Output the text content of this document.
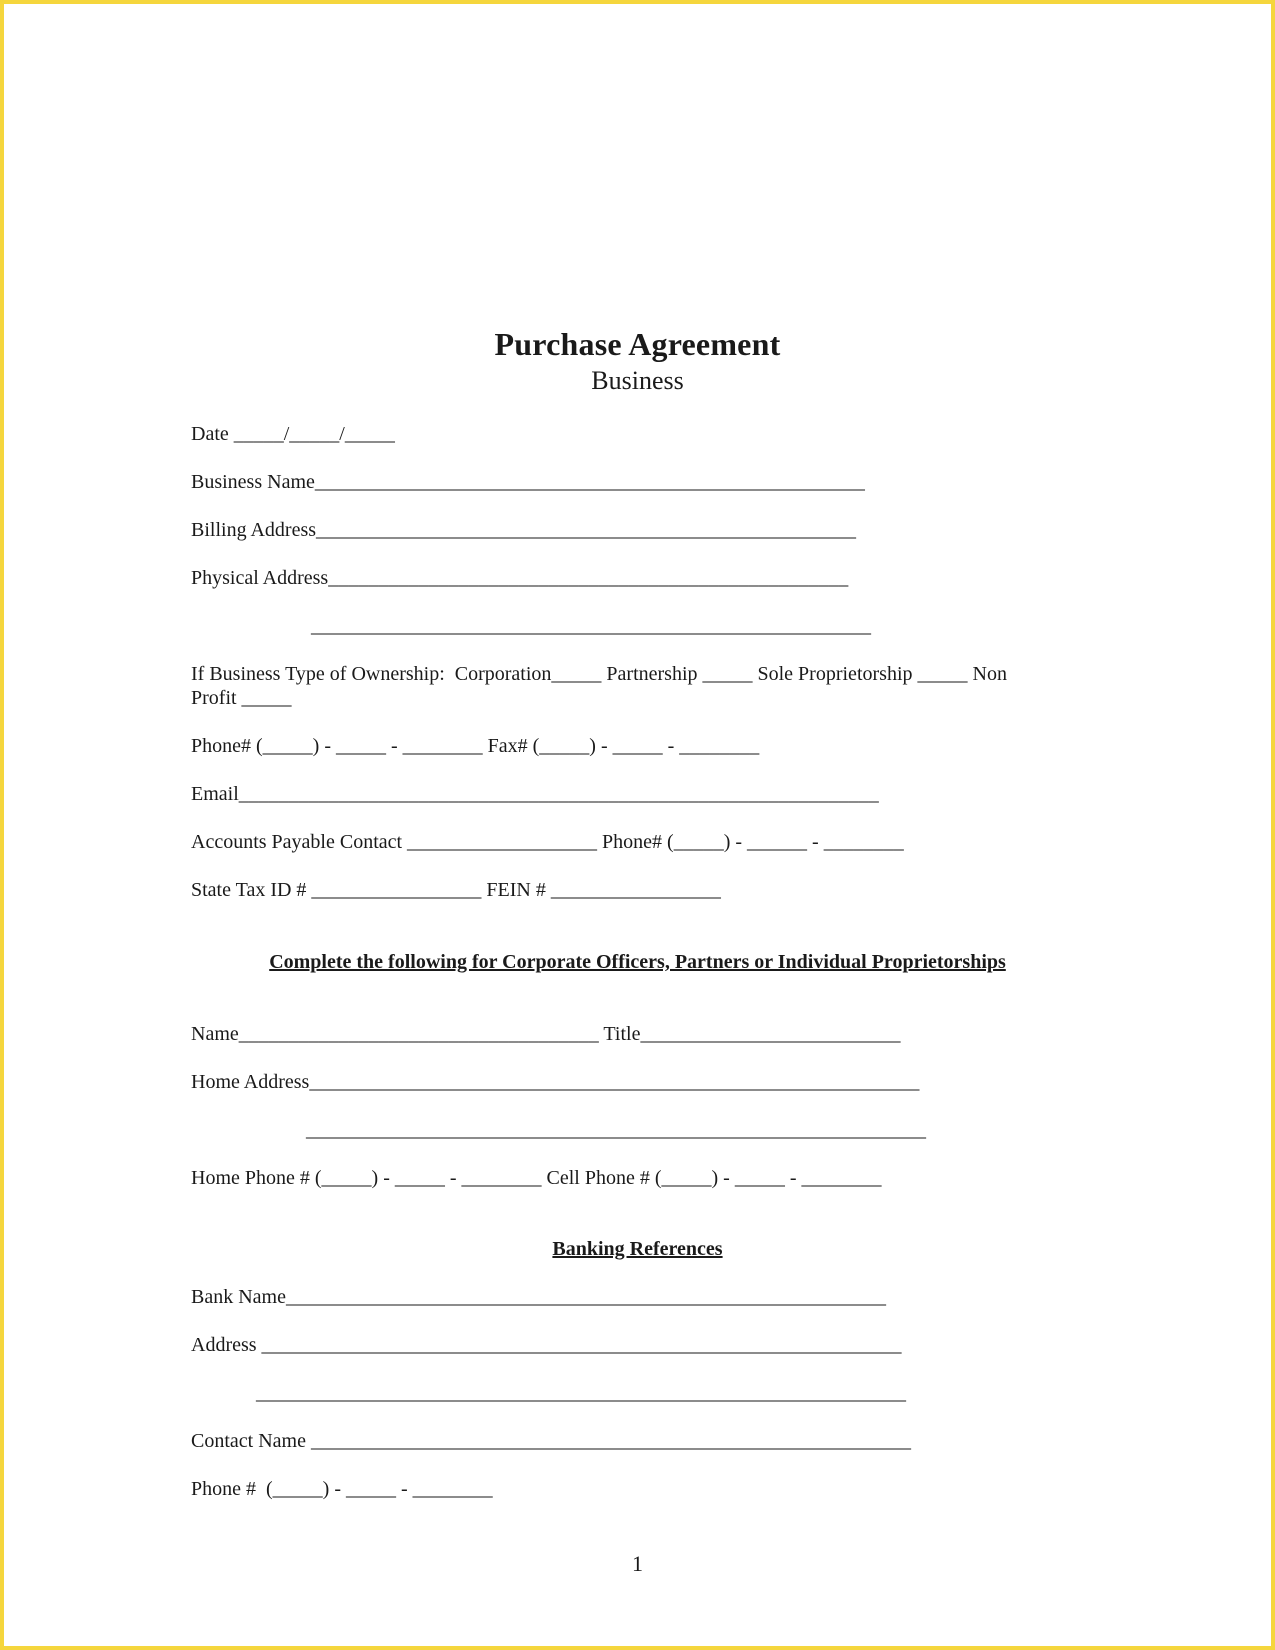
Purchase Agreement
Business
Date _____/_____/_____
Business Name_______________________________________________________
Billing Address______________________________________________________
Physical Address____________________________________________________
________________________________________________________
If Business Type of Ownership:  Corporation_____ Partnership _____ Sole Proprietorship _____ Non
Profit _____
Phone# (_____) - _____ - ________ Fax# (_____) - _____ - ________
Email________________________________________________________________
Accounts Payable Contact ___________________ Phone# (_____) - ______ - ________
State Tax ID # _________________ FEIN # _________________
Complete the following for Corporate Officers, Partners or Individual Proprietorships
Name____________________________________ Title__________________________
Home Address_____________________________________________________________
______________________________________________________________
Home Phone # (_____) - _____ - ________ Cell Phone # (_____) - _____ - ________
Banking References
Bank Name____________________________________________________________
Address ________________________________________________________________
_________________________________________________________________
Contact Name ____________________________________________________________
Phone #  (_____) - _____ - ________
1
